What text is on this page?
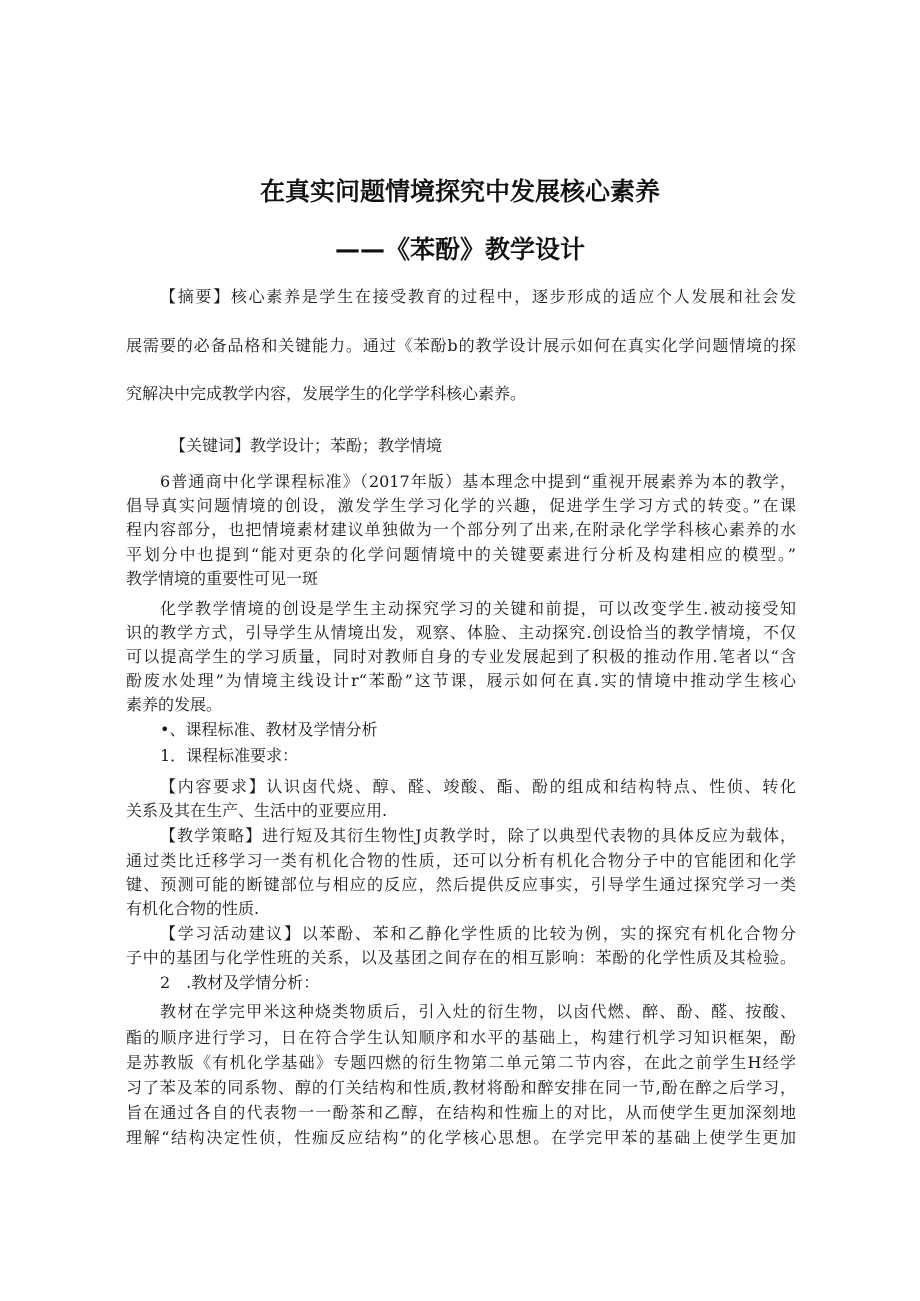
在真实问题情境探究中发展核心素养
——《苯酚》教学设计
【摘要】核心素养是学生在接受教育的过程中，逐步形成的适应个人发展和社会发
展需要的必备品格和关键能力。通过《苯酚b的教学设计展示如何在真实化学问题情境的探
究解决中完成教学内容，发展学生的化学学科核心素养。
【关键词】教学设计；苯酚；教学情境
6普通商中化学课程标准》（2017年版）基本理念中提到“重视开展素养为本的教学，
倡导真实问题情境的创设，激发学生学习化学的兴趣，促进学生学习方式的转变。”在课
程内容部分，也把情境素材建议单独做为一个部分列了出来,在附录化学学科核心素养的水
平划分中也提到“能对更杂的化学问题情境中的关键要素进行分析及构建相应的模型。”
教学情境的重要性可见一斑
化学教学情境的创设是学生主动探究学习的关键和前提，可以改变学生.被动接受知
识的教学方式，引导学生从情境出发，观察、体脸、主动探究.创设恰当的教学情境，不仅
可以提高学生的学习质量，同时对教师自身的专业发展起到了积极的推动作用.笔者以“含
酚废水处理”为情境主线设计r“苯酚”这节课，屐示如何在真.实的情境中推动学生核心
素养的发展。
•、课程标准、教材及学情分析
1．课程标准要求：
【内容要求】认识卤代烧、醇、醛、竣酸、酯、酚的组成和结构特点、性侦、转化
关系及其在生产、生活中的亚要应用.
【教学策略】进行短及其衍生物性J贞教学时，除了以典型代表物的具体反应为载体，
通过类比迁移学习一类有机化合物的性质，还可以分析有机化合物分子中的官能团和化学
键、预测可能的断键部位与相应的反应，然后提供反应事实，引导学生通过探究学习一类
有机化合物的性质.
【学习活动建议】以苯酚、苯和乙静化学性质的比较为例，实的探究有机化合物分
子中的基团与化学性班的关系，以及基团之间存在的相互影响：苯酚的化学性质及其检验。
2　.教材及学情分析：
教材在学完甲米这种烧类物质后，引入灶的衍生物，以卤代燃、醉、酚、醛、按酸、
酯的顺序进行学习，日在符合学生认知顺序和水平的基础上，构建行机学习知识框架，酚
是苏教版《有机化学基础》专题四燃的衍生物第二单元第二节内容，在此之前学生H经学
习了苯及苯的同系物、醇的仃关结构和性质,教材将酚和醉安排在同一节,酚在醉之后学习，
旨在通过各自的代表物一一酚茶和乙醇，在结构和性痂上的对比，从而使学生更加深刻地
理解“结构决定性侦，性痂反应结构”的化学核心思想。在学完甲苯的基础上使学生更加
